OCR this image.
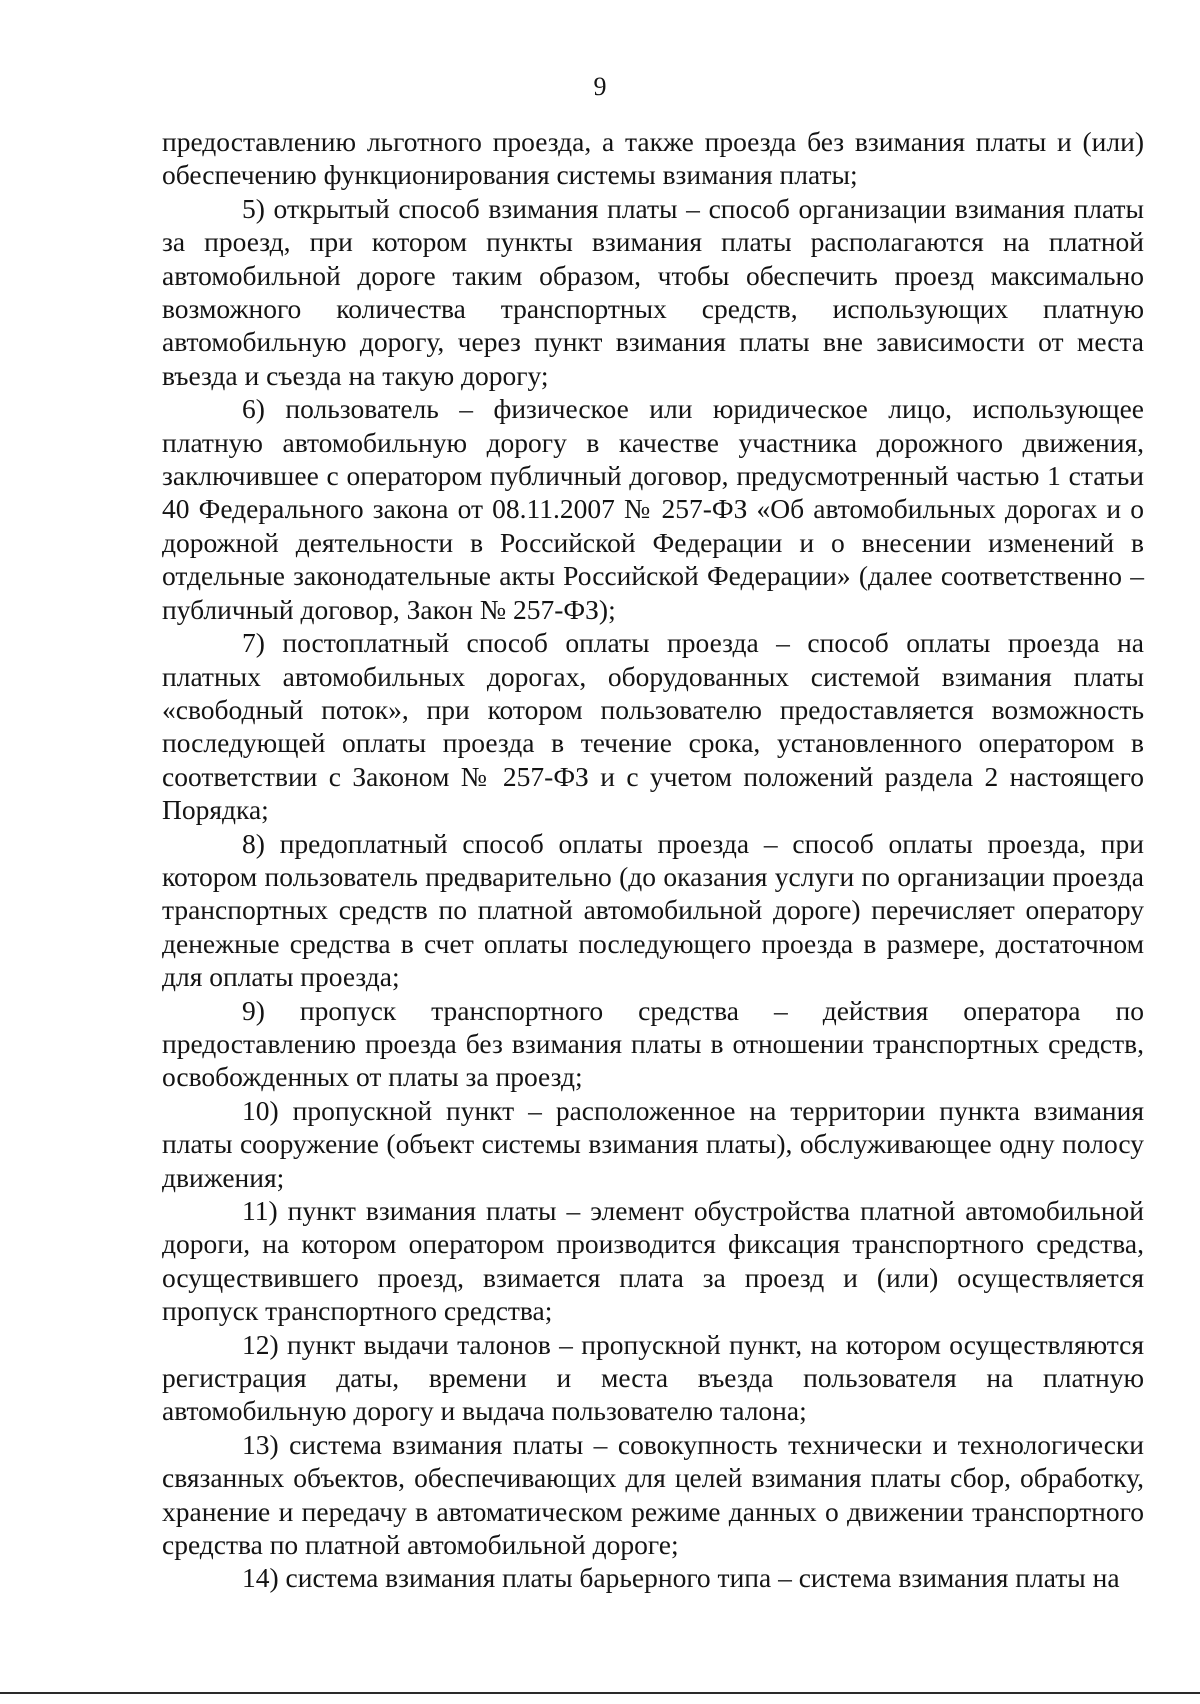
9

предоставлению льготного проезда, а также проезда без взимания платы и (или) обеспечению функционирования системы взимания платы;

5) открытый способ взимания платы – способ организации взимания платы за проезд, при котором пункты взимания платы располагаются на платной автомобильной дороге таким образом, чтобы обеспечить проезд максимально возможного количества транспортных средств, использующих платную автомобильную дорогу, через пункт взимания платы вне зависимости от места въезда и съезда на такую дорогу;

6) пользователь – физическое или юридическое лицо, использующее платную автомобильную дорогу в качестве участника дорожного движения, заключившее с оператором публичный договор, предусмотренный частью 1 статьи 40 Федерального закона от 08.11.2007 № 257-ФЗ «Об автомобильных дорогах и о дорожной деятельности в Российской Федерации и о внесении изменений в отдельные законодательные акты Российской Федерации» (далее соответственно – публичный договор, Закон № 257-ФЗ);

7) постоплатный способ оплаты проезда – способ оплаты проезда на платных автомобильных дорогах, оборудованных системой взимания платы «свободный поток», при котором пользователю предоставляется возможность последующей оплаты проезда в течение срока, установленного оператором в соответствии с Законом № 257-ФЗ и с учетом положений раздела 2 настоящего Порядка;

8) предоплатный способ оплаты проезда – способ оплаты проезда, при котором пользователь предварительно (до оказания услуги по организации проезда транспортных средств по платной автомобильной дороге) перечисляет оператору денежные средства в счет оплаты последующего проезда в размере, достаточном для оплаты проезда;

9) пропуск транспортного средства – действия оператора по предоставлению проезда без взимания платы в отношении транспортных средств, освобожденных от платы за проезд;

10) пропускной пункт – расположенное на территории пункта взимания платы сооружение (объект системы взимания платы), обслуживающее одну полосу движения;

11) пункт взимания платы – элемент обустройства платной автомобильной дороги, на котором оператором производится фиксация транспортного средства, осуществившего проезд, взимается плата за проезд и (или) осуществляется пропуск транспортного средства;

12) пункт выдачи талонов – пропускной пункт, на котором осуществляются регистрация даты, времени и места въезда пользователя на платную автомобильную дорогу и выдача пользователю талона;

13) система взимания платы – совокупность технически и технологически связанных объектов, обеспечивающих для целей взимания платы сбор, обработку, хранение и передачу в автоматическом режиме данных о движении транспортного средства по платной автомобильной дороге;

14) система взимания платы барьерного типа – система взимания платы на
